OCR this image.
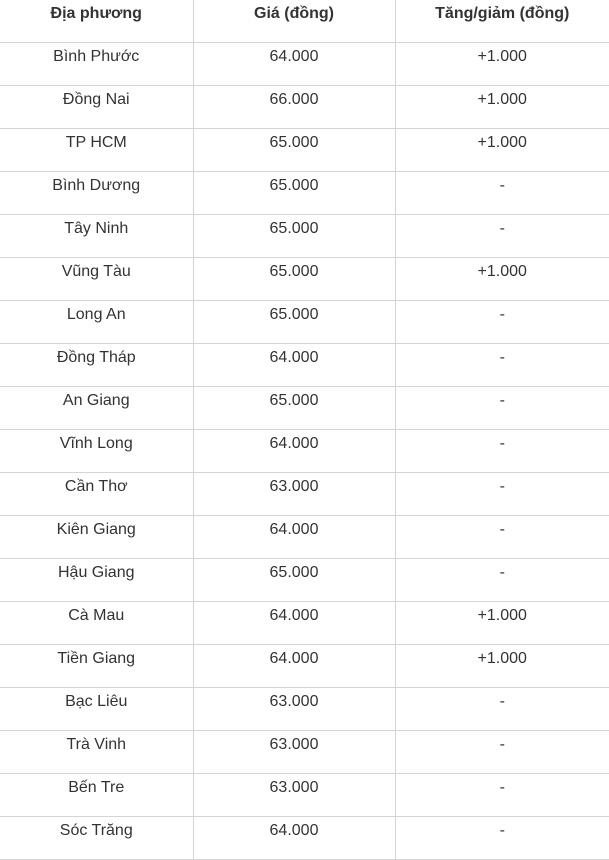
Địa phương	Giá (đồng)	Tăng/giảm (đồng)
Bình Phước	64.000	+1.000
Đồng Nai	66.000	+1.000
TP HCM	65.000	+1.000
Bình Dương	65.000	-
Tây Ninh	65.000	-
Vũng Tàu	65.000	+1.000
Long An	65.000	-
Đồng Tháp	64.000	-
An Giang	65.000	-
Vĩnh Long	64.000	-
Cần Thơ	63.000	-
Kiên Giang	64.000	-
Hậu Giang	65.000	-
Cà Mau	64.000	+1.000
Tiền Giang	64.000	+1.000
Bạc Liêu	63.000	-
Trà Vinh	63.000	-
Bến Tre	63.000	-
Sóc Trăng	64.000	-
